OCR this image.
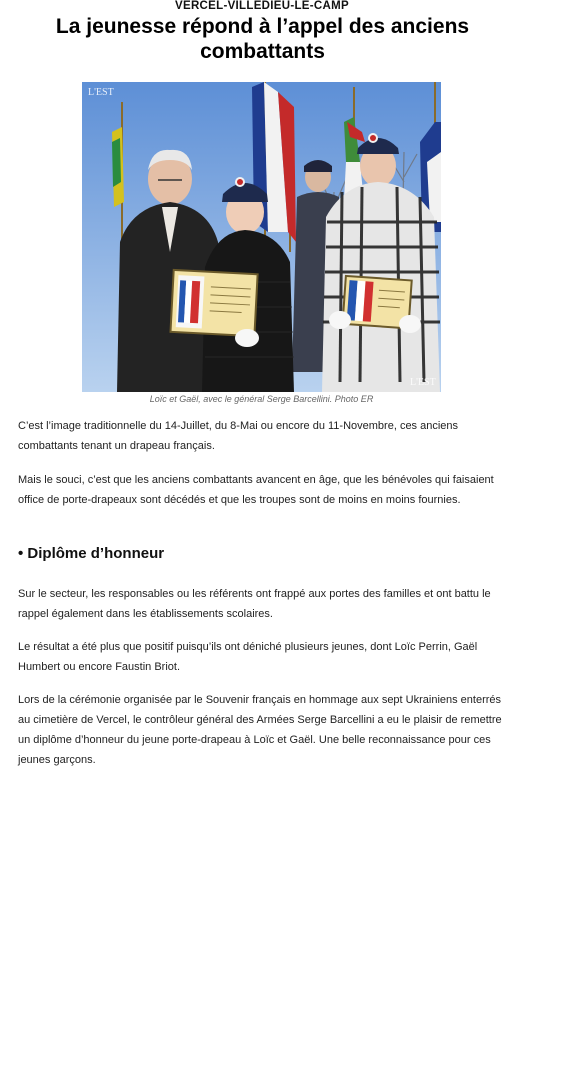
VERCEL-VILLEDIEU-LE-CAMP
La jeunesse répond à l’appel des anciens combattants
L'EST
L'EST
Loïc et Gaël, avec le général Serge Barcellini. Photo ER

C’est l’image traditionnelle du 14-Juillet, du 8-Mai ou encore du 11-Novembre, ces anciens combattants tenant un drapeau français.

Mais le souci, c’est que les anciens combattants avancent en âge, que les bénévoles qui faisaient office de porte-drapeaux sont décédés et que les troupes sont de moins en moins fournies.

• Diplôme d’honneur

Sur le secteur, les responsables ou les référents ont frappé aux portes des familles et ont battu le rappel également dans les établissements scolaires.

Le résultat a été plus que positif puisqu’ils ont déniché plusieurs jeunes, dont Loïc Perrin, Gaël Humbert ou encore Faustin Briot.

Lors de la cérémonie organisée par le Souvenir français en hommage aux sept Ukrainiens enterrés au cimetière de Vercel, le contrôleur général des Armées Serge Barcellini a eu le plaisir de remettre un diplôme d’honneur du jeune porte-drapeau à Loïc et Gaël. Une belle reconnaissance pour ces jeunes garçons.
